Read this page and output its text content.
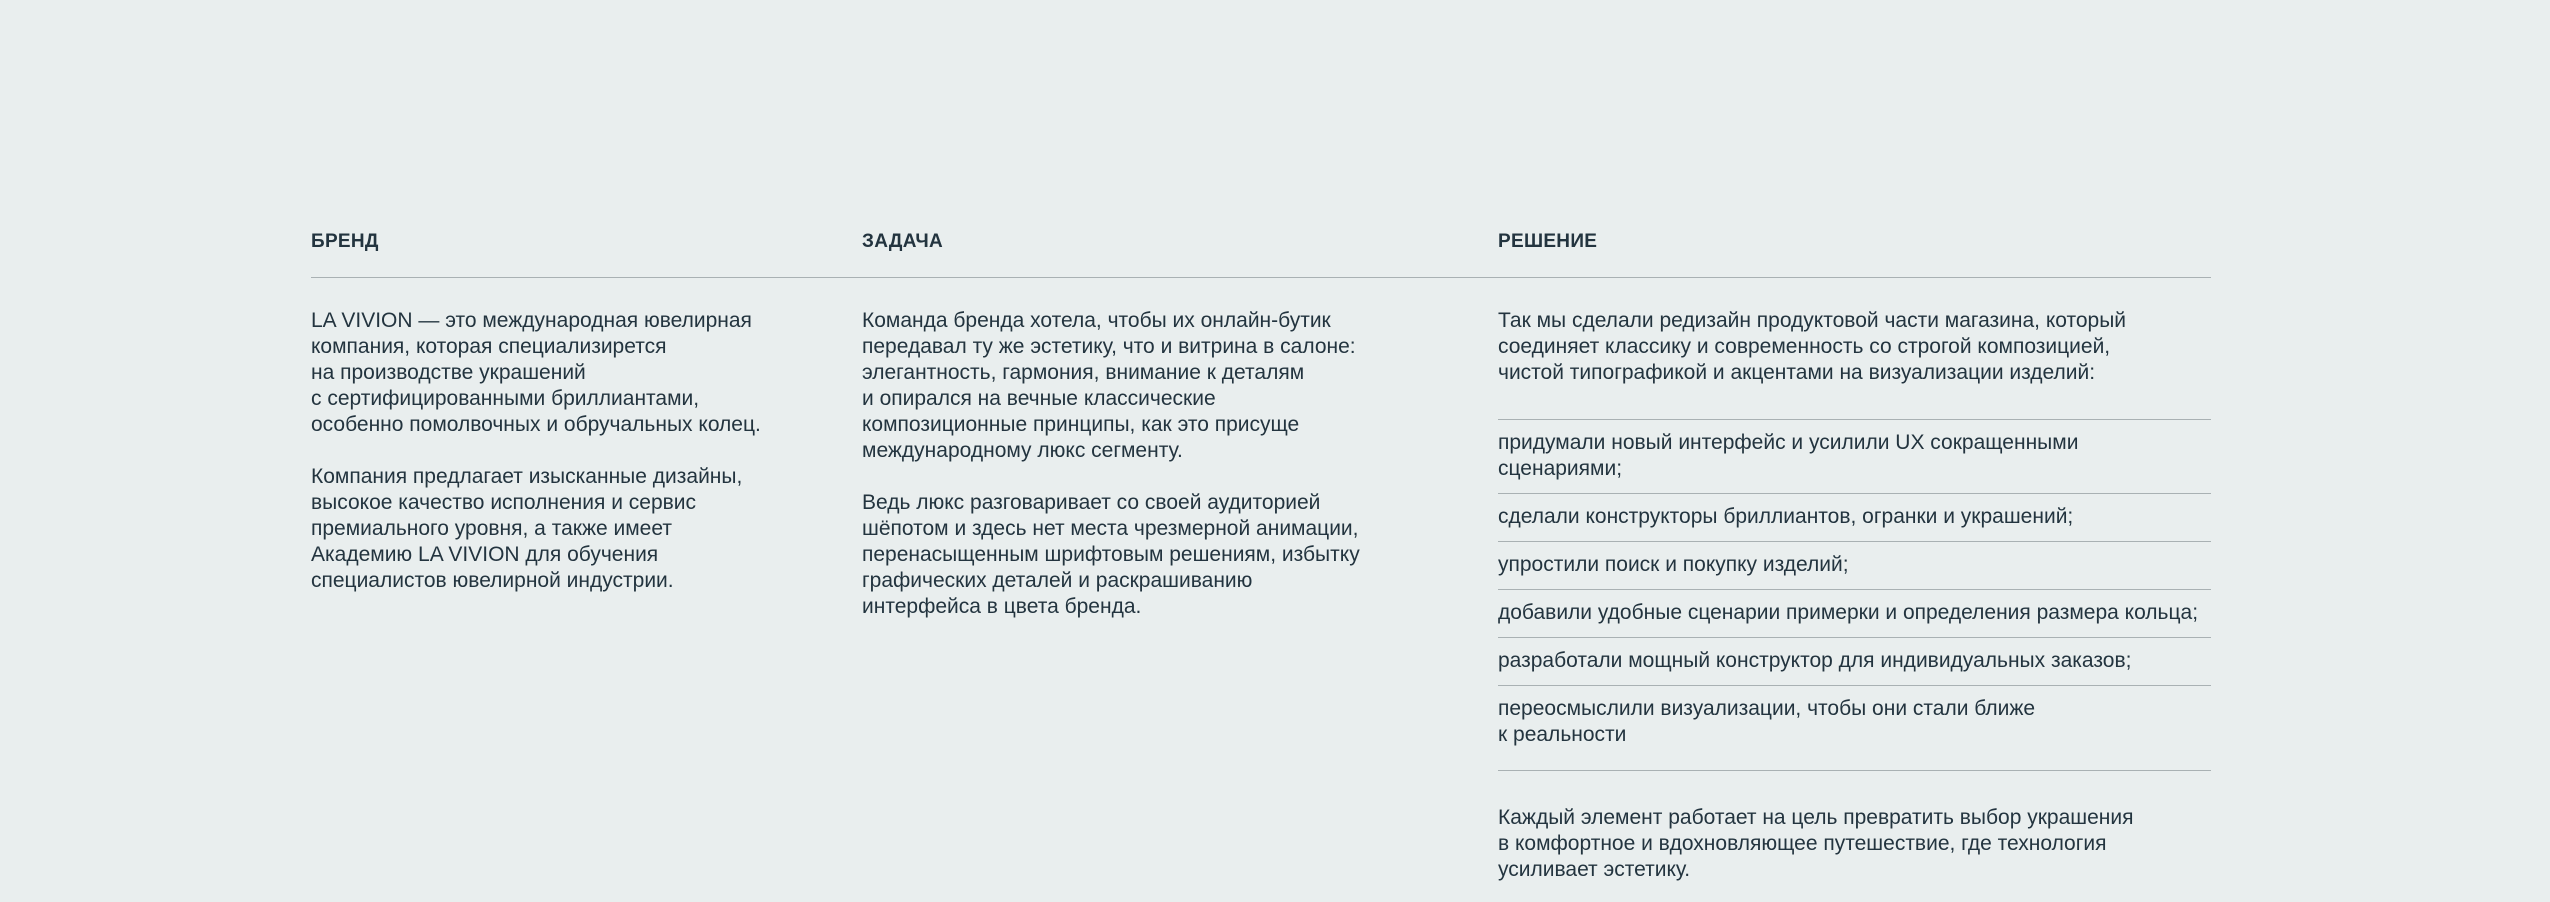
БРЕНД	ЗАДАЧА	РЕШЕНИЕ

LA VIVION — это международная ювелирная
компания, которая специализирется
на производстве украшений
с сертифицированными бриллиантами,
особенно помолвочных и обручальных колец.

Компания предлагает изысканные дизайны,
высокое качество исполнения и сервис
премиального уровня, а также имеет
Академию LA VIVION для обучения
специалистов ювелирной индустрии.

Команда бренда хотела, чтобы их онлайн-бутик
передавал ту же эстетику, что и витрина в салоне:
элегантность, гармония, внимание к деталям
и опирался на вечные классические
композиционные принципы, как это присуще
международному люкс сегменту.

Ведь люкс разговаривает со своей аудиторией
шёпотом и здесь нет места чрезмерной анимации,
перенасыщенным шрифтовым решениям, избытку
графических деталей и раскрашиванию
интерфейса в цвета бренда.

Так мы сделали редизайн продуктовой части магазина, который
соединяет классику и современность со строгой композицией,
чистой типографикой и акцентами на визуализации изделий:

придумали новый интерфейс и усилили UX сокращенными
сценариями;
сделали конструкторы бриллиантов, огранки и украшений;
упростили поиск и покупку изделий;
добавили удобные сценарии примерки и определения размера кольца;
разработали мощный конструктор для индивидуальных заказов;
переосмыслили визуализации, чтобы они стали ближе
к реальности

Каждый элемент работает на цель превратить выбор украшения
в комфортное и вдохновляющее путешествие, где технология
усиливает эстетику.
